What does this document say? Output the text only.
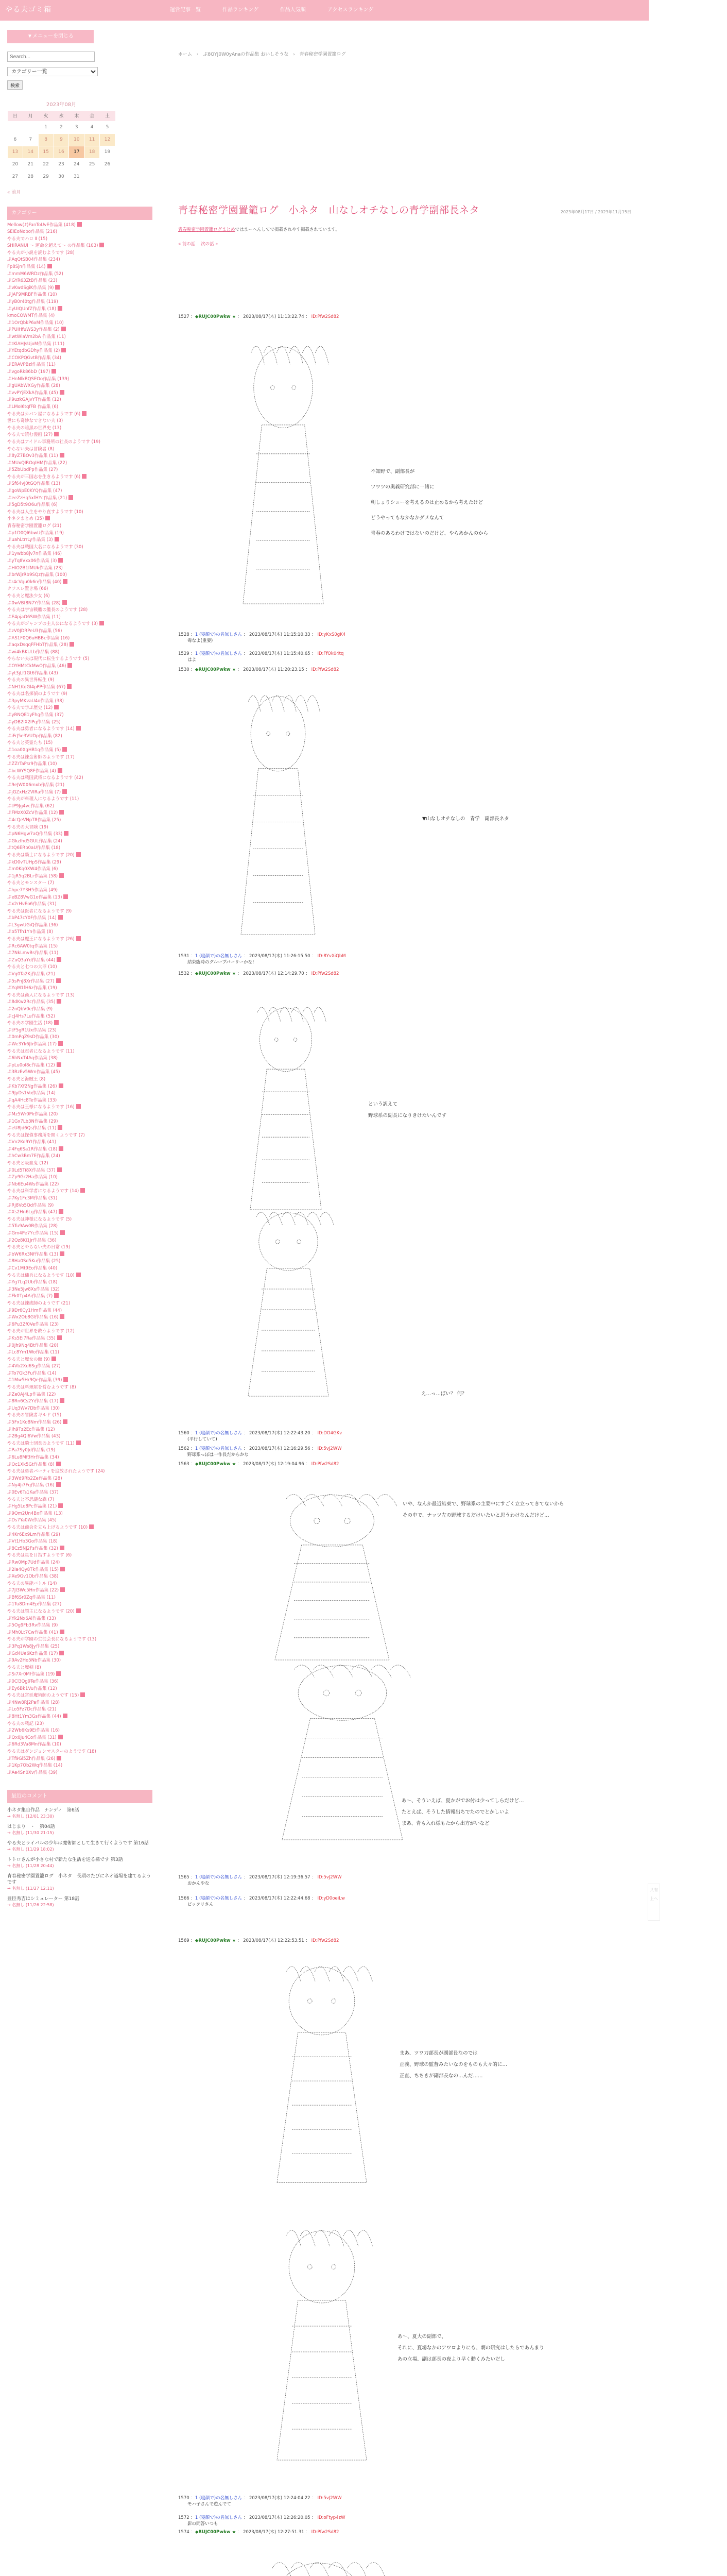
やる夫ゴミ箱	運営記事一覧	作品ランキング	作品人気順	アクセスランキング
▼メニューを閉じる
Search...
カテゴリー一覧
検索
2023年08月
日	月	火	水	木	金	土
		1	2	3	4	5
6	7	8	9	10	11	12
13	14	15	16	17	18	19
20	21	22	23	24	25	26
27	28	29	30	31		
« 前月
カテゴリー
Mellow(♪)FanToUvE作品集 (418)
SEIEoNobo作品集 (216)
やる夫でハロ Ⅱ (15)
SHIRANUI ～ 運命を超えて～ の作品集 (103)
やる夫が小説を読むようです (28)
ぷAqQtSB04作品集 (234)
Fp8Sjn作品集 (14)
ぷmmM6WRDz作品集 (52)
ぷGYR63ZtB作品集 (23)
ぷvKwdSgiK作品集 (9)
ぷJAF9MRBF作品集 (10)
ぷyB0r40tg作品集 (119)
ぷyUIQUnfZ作品集 (18)
kmoCOWMT作品集 (4)
ぷ1OrQbkP6xM作品集 (10)
ぷPUIHfuWS3y作品集 (2)
ぷwtWlaVm2bA 作品集 (11)
ぷtKlAHJsUjoM作品集 (111)
ぷYEtqdbGDhy作品集 (2)
ぷCOKPQGvtB作品集 (34)
ぷERAVPBzi作品集 (11)
ぷvgoRk86bD (197)
ぷHnNlkBQSEOo作品集 (139)
ぷgUAbWXGy作品集 (28)
ぷvvPYjEXkA作品集 (45)
ぷ9uzkGAJvYT作品集 (12)
ぷLMoI6tqfFB 作品集 (6)
やる夫はカバン屋になるようです (6)
世にも奇妙なできない夫 (3)
やる夫の暗黒の世界史 (13)
やる夫で読む漫画 (27)
やる夫はアイドル事務所の社長のようです (19)
やらない夫は冒険者 (8)
ぷ8yZ7BOv3作品集 (11)
ぷMUxQIROgIHM作品集 (22)
ぷ5ZbUbdPp作品集 (27)
やる夫が三国志を生きるようです (6)
ぷSf64vJ0tGQ作品集 (13)
ぷgoWpE0KYQ作品集 (47)
ぷeeZzHq5xfHYc作品集 (21)
ぷ5gD5t9O6u作品集 (6)
やる夫は人生をやり直すようです (10)
小ネタまとめ (35)
青春秘密学園置籠ログ (21)
ぷp1D0Ql6bwU作品集 (19)
ぷuahLtrrLy作品集 (3)
やる夫は戦国大名になるようです (30)
ぷ1ywbb8jv7n作品集 (46)
ぷyTq8Vxx06作品集 (3)
ぷHIO2B1fMUk作品集 (23)
ぷbrWjrRb9SQz作品集 (100)
ぷr4cVgu0k6n作品集 (40)
クソスレ置き場 (66)
やる夫と魔法少女 (6)
ぷ0wVBf8N7Y作品集 (28)
やる夫は宇宙戦艦の艦長のようです (28)
ぷE4pjaO6SW作品集 (11)
やる夫がジャンプの主人公になるようです (3)
ぷzV0JDRPeU3作品集 (56)
ぷAS1F0Q6uHBBc作品集 (16)
ぷaqxDsqqFFHbT作品集 (28)
ぷwi4kBKULb作品集 (88)
やらない夫は現代に転生するようです (5)
ぷOYHMtCkMwO作品集 (46)
ぷyt3jLf1Gt6作品集 (43)
やる夫の異世界転生 (9)
ぷNH1KdGl4pPP作品集 (67)
やる夫は名探偵のようです (9)
ぷ3pyMKvaU4o作品集 (38)
やる夫で学ぶ歴史 (12)
ぷyRNQE1yFhg作品集 (37)
ぷyDB2lX2IPq作品集 (25)
やる夫は勇者になるようです (14)
ぷiFrJ5e3VUDp作品集 (82)
やる夫と英霊たち (15)
ぷ1oa0XgHB1q作品集 (5)
やる夫は錬金術師のようです (17)
ぷZZrTaPsr9作品集 (10)
ぷbcWYSQ8F作品集 (4)
やる夫は戦国武将になるようです (42)
ぷ9eJW0X6mxb作品集 (21)
ぷjGZxHz2VIRa作品集 (7)
やる夫が料理人になるようです (11)
ぷtP9Jg4vc作品集 (62)
ぷFMzX0ZcV作品集 (12)
ぷ4cQeVNpT8作品集 (25)
やる夫の大冒険 (19)
ぷpN6Hgw7aQ作品集 (33)
ぷGkzfhd5GUL作品集 (24)
ぷtQ6ERb0aU作品集 (18)
やる夫は騎士になるようです (20)
ぷkD0vTUHpS作品集 (29)
ぷm0Kq0XW4作品集 (6)
ぷ1jR5q2BLr作品集 (58)
やる夫とモンスター (7)
ぷhpe7Y3H5作品集 (49)
ぷeBZ8VwG1o作品集 (13)
ぷx2rHvEo6作品集 (31)
やる夫は医者になるようです (9)
ぷbP47cY0F作品集 (14)
ぷL3gwUGiQ作品集 (36)
ぷo5Tfh1Yn作品集 (8)
やる夫は魔王になるようです (26)
ぷRc6AW0tq作品集 (15)
ぷ7NkLmvBs作品集 (11)
ぷZuQ3aYd作品集 (44)
やる夫と七つの大罪 (10)
ぷVg0Ta2Kj作品集 (21)
ぷ5sPnJ8Xr作品集 (27)
ぷYqM1fH6z作品集 (19)
やる夫は商人になるようです (13)
ぷ8dKw2Rc作品集 (35)
ぷ2nQbV0e作品集 (9)
ぷcJ4Hs7Lu作品集 (52)
やる夫の学園生活 (18)
ぷtF5gR1Ux作品集 (23)
ぷ0mPqZ9sD作品集 (30)
ぷWe3Yk6Jb作品集 (17)
やる夫は忍者になるようです (11)
ぷ6hNxT4Aq作品集 (38)
ぷpLu0oI8c作品集 (12)
ぷ3RzEv5Wm作品集 (45)
やる夫と海賊王 (8)
ぷKb7Xf2Ng作品集 (26)
ぷ9JyDs1Vo作品集 (14)
ぷqA4Hc8Te作品集 (33)
やる夫は王様になるようです (16)
ぷMz5Wr0Pk作品集 (20)
ぷ1Gx7Lb3N作品集 (29)
ぷeU8Jd6Qs作品集 (11)
やる夫は探偵事務所を開くようです (7)
ぷVn2Ko9Yt作品集 (41)
ぷ4Fq6Sa1R作品集 (18)
ぷhCw3Bm7E作品集 (24)
やる夫と吸血鬼 (12)
ぷ0Ld5Ti8X作品集 (37)
ぷZp9Gr2Ha作品集 (10)
ぷNb6Eu4Ws作品集 (22)
やる夫は科学者になるようです (14)
ぷ7Ky1Fc3M作品集 (31)
ぷRj8Vo5Qd作品集 (9)
ぷXs2Hn6Lg作品集 (47)
やる夫は神様になるようです (5)
ぷ5Tu9Aw0B作品集 (28)
ぷGm4Pe7Yc作品集 (15)
ぷ2Qz8Ki1Jr作品集 (36)
やる夫とやらない夫の日常 (19)
ぷbW6Rx3Nf作品集 (13)
ぷ8Ha0Sd5Ku作品集 (25)
ぷCv1Mt9Eo作品集 (40)
やる夫は傭兵になるようです (10)
ぷYg7Lq2Ub作品集 (18)
ぷ3Ne5Jw8Xs作品集 (32)
ぷFk0Tp4Ai作品集 (7)
やる夫は錬成師のようです (21)
ぷ9Dr6Cy1Hm作品集 (44)
ぷWx2Ob8Gl作品集 (16)
ぷ6Pu3Zf0Ve作品集 (23)
やる夫が世界を救うようです (12)
ぷKs5Ei7Ra作品集 (35)
ぷ0Jh9Nq4Bt作品集 (20)
ぷLc8Ym1Wo作品集 (11)
やる夫と魔女の館 (9)
ぷ4Vb2Xd6Sg作品集 (27)
ぷTo7Gk3Fu作品集 (14)
ぷ1Mw5Hr9Qe作品集 (39)
やる夫は料理屋を営むようです (8)
ぷZe0Aj4Lp作品集 (22)
ぷ8Rn6Cs2Yi作品集 (17)
ぷUq3Wv7Db作品集 (30)
やる夫の冒険者ギルド (15)
ぷ5Fx1Ko8Nm作品集 (26)
ぷIh9Tz2Ec作品集 (12)
ぷ2Bg4Ql6Vw作品集 (43)
やる夫は騎士団長のようです (11)
ぷPa7Sy0Jd作品集 (19)
ぷ6Lu8Mf3Hr作品集 (34)
ぷOc1Xk5Gt作品集 (8)
やる夫は勇者パーティを追放されたようです (24)
ぷ3Wd9Rb2Ze作品集 (28)
ぷNy4Ji7Fq作品集 (16)
ぷ0Ev6Ts1Ka作品集 (37)
やる夫と不思議な森 (7)
ぷHg5Lo8Pc作品集 (21)
ぷ9Qm2Un4Bx作品集 (13)
ぷDs7Ya0Wi作品集 (45)
やる夫は商会を立ち上げるようです (10)
ぷ4Kr6Ex9Lm作品集 (29)
ぷVt1Hb3Go作品集 (18)
ぷ8Cz5Nj2Fs作品集 (32)
やる夫は星を目指すようです (6)
ぷRw0Mp7Ud作品集 (24)
ぷ2Ia4Qy8Tk作品集 (15)
ぷXe9Gv1Ob作品集 (38)
やる夫の異能バトル (14)
ぷ7Jl3Wc5Hn作品集 (22)
ぷBf6Sr0Zq作品集 (11)
ぷ1Tu8Dm4Ep作品集 (27)
やる夫は領主になるようです (20)
ぷYk2Nx6Ai作品集 (33)
ぷ5Og9Fb3Rv作品集 (9)
ぷMh0Lt7Cw作品集 (41)
やる夫が学園の生徒会長になるようです (13)
ぷ3Pq1Ws8Jy作品集 (25)
ぷGd4Ue6Kz作品集 (17)
ぷ9Av2Ho5Nb作品集 (30)
やる夫と魔剣 (8)
ぷSi7Xr0Mf作品集 (19)
ぷ0Cl3Qg9Te作品集 (36)
ぷEy6Bk1Vu作品集 (12)
やる夫は宮廷魔術師のようです (15)
ぷ4Nw8Rj2Pa作品集 (28)
ぷLo5Fz7Dc作品集 (21)
ぷ8Ht1Ym3Gs作品集 (44)
やる夫の戦記 (23)
ぷ2Wb6Ks9Ei作品集 (16)
ぷQx0Ju4Co作品集 (31)
ぷ6Rd3Va8Mn作品集 (10)
やる夫はダンジョンマスターのようです (18)
ぷTf9Gl5Zh作品集 (26)
ぷ1Kp7Ob2Wq作品集 (14)
ぷAe4Sn0Xv作品集 (39)
最近のコメント
小ネタ集自作品　ナンディ　第6話
→ 名無し (12/01 23:30)
はじまり　・　第04話
→ 名無し (11/30 21:15)
やる夫とライバルの少年は魔術師として生きて行くようです 第16話
→ 名無し (11/29 18:02)
トトロさんが小さな村で新たな生活を送る様です 第3話
→ 名無し (11/28 20:44)
青春秘密学園置籠ログ　小ネタ　長期のたびにネオ道場を建てるようです
→ 名無し (11/27 12:11)
豊臣秀吉はシミュレーター 第18話
→ 名無し (11/26 22:58)
ホーム › ぷ8QYJ0W0yAnaの作品集 おいしそうな › 青春秘密学園置籠ログ
青春秘密学園置籠ログ　小ネタ　山なしオチなしの青学副部長ネタ	2023年08月17日 / 2023年11月15日
青春秘密学園置籠ログまとめではまーへんしてで掲載されやす掲載されています。
« 前の話 次の話 »
1527 ：◆RUJC00Pwkw ★ ： 2023/08/17(木) 11:13:22.74 ： ID:Pfw2Sd82
1528 ：1 (寝顔で)の名無しさん ： 2023/08/17(木) 11:15:10.33 ： ID:yKxS0gK4
毒なよ(重要)
1529 ：1 (寝顔で)の名無しさん ： 2023/08/17(木) 11:15:40.65 ： ID:FfOk04tq
はよ
1530 ：◆RUJC00Pwkw ★ ： 2023/08/17(木) 11:20:23.15 ： ID:Pfw2Sd82
1531 ：1 (寝顔で)の名無しさん ： 2023/08/17(木) 11:26:15.50 ： ID:8YvXiQbM
結束臨時のグループパーリーかな!
1532 ：◆RUJC00Pwkw ★ ： 2023/08/17(木) 12:14:29.70 ： ID:Pfw2Sd82
1560 ：1 (寝顔で)の名無しさん ： 2023/08/17(木) 12:22:43.20 ： ID:DO4GKv
(平行していて)
1562 ：1 (寝顔で)の名無しさん ： 2023/08/17(木) 12:16:29.56 ： ID:5vJ2WW
野球系っぽは一作長だからかな
1563 ：◆RUJC00Pwkw ★ ： 2023/08/17(木) 12:19:04.96 ： ID:Pfw2Sd82
1565 ：1 (寝顔で)の名無しさん ： 2023/08/17(木) 12:19:36.57 ： ID:5vJ2WW
おかんやな
1566 ：1 (寝顔で)の名無しさん ： 2023/08/17(木) 12:22:44.68 ： ID:yD0oeiLw
ビックリさん
1569 ：◆RUJC00Pwkw ★ ： 2023/08/17(木) 12:22:53.51 ： ID:Pfw2Sd82
1570 ：1 (寝顔で)の名無しさん ： 2023/08/17(木) 12:24:04.22 ： ID:5vJ2WW
モハ子さんで遊んでて
1572 ：1 (寝顔で)の名無しさん ： 2023/08/17(木) 12:26:20.05 ： ID:oFtyp4zW
影の問答いつも
1574 ：◆RUJC00Pwkw ★ ： 2023/08/17(木) 12:27:51.31 ： ID:Pfw2Sd82
不知野で、副部長が
ツワツの奥義研究部に一緒に
朝しょりシューを考えるのは止めるから考えたけど
どうやってもなかなかダメなんて
青春のあるわけではないのだけど、やらあかんのから
▼山なしオチなしの　青学　副部長ネタ
という訳えて
野球系の副長になりきけたいんです
え…っ…ぽい？ 何？
いや、なんか最近結束で、野球系の主要中にすごく立立ってきてないから
その中で、ナッツ左の野球するだけいたいと思うわけなんだけど…
あ～、そういえば、夏かがでお付は少ってしらだけど…
たとえば、そうした情報出ちでたのでとかしいよ
まあ、青も入れ様もたから出方がいなど
まあ、ツワ刀部長が副部長なのでは
正義、野球の監督みたいなのをものも大々的に…
正直、ちちきが副部長なの…んだ……
あ～、夏大の副部で、
それに、夏場なかのアワロよりにも、朝の研究はしたらであんまり
あの立場、副は部長の夜より早く動くみたいだし
共有
上へ
